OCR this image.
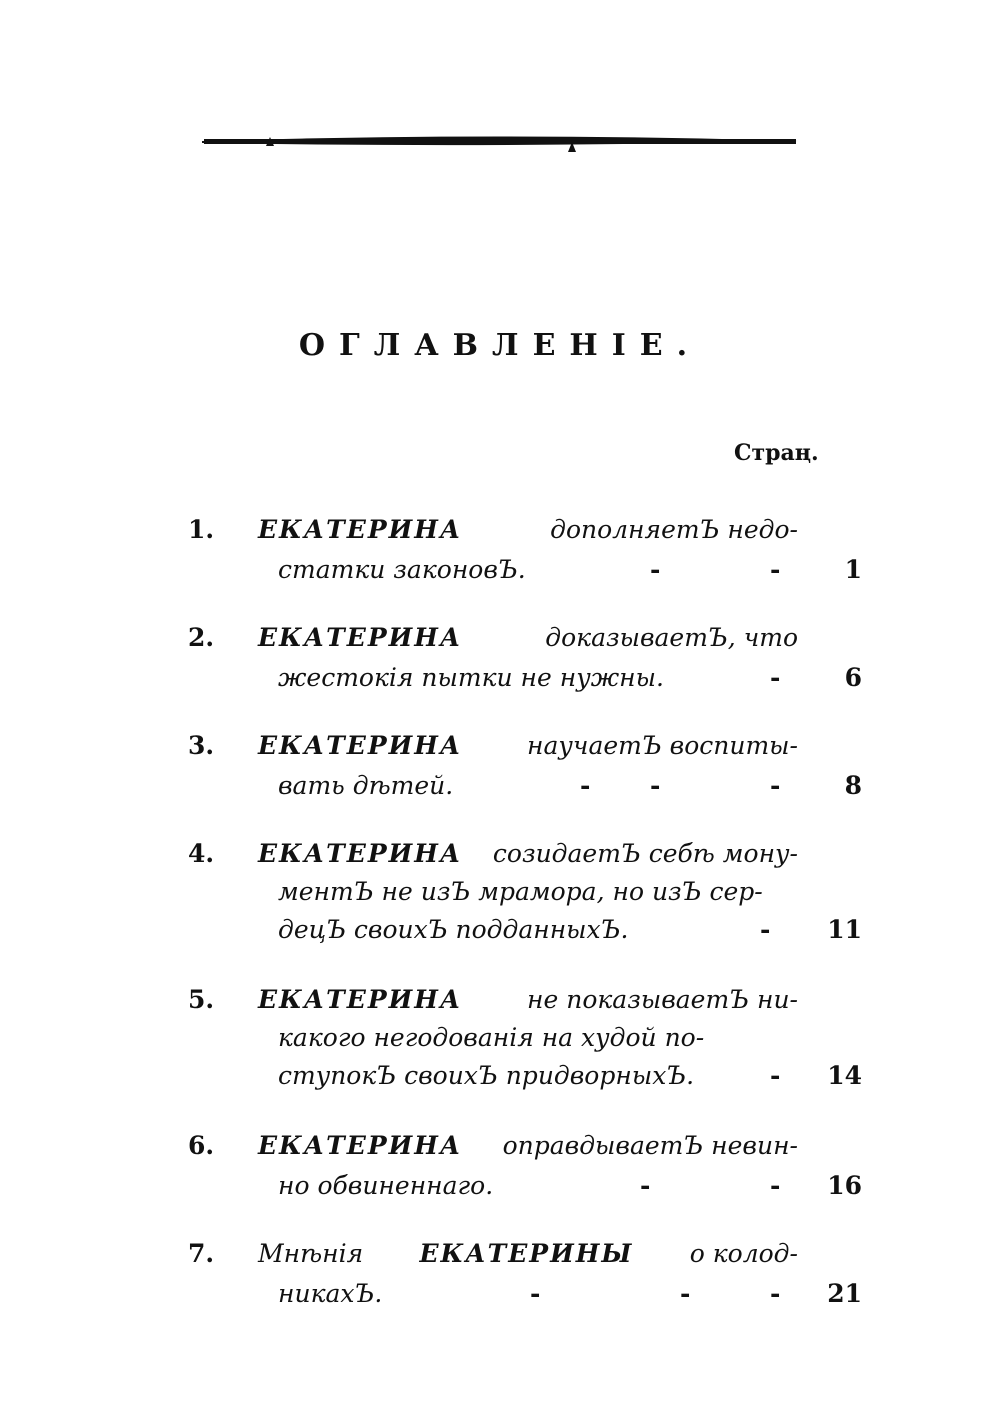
ОГЛАВЛЕНІЕ.
Страң.
1. ЕКАТЕРИНА	дополняетЪ недо-
статки законовЪ.	-	-	1
2. ЕКАТЕРИНА	доказываетЪ, что
жестокія пытки не нужны.	-	6
3. ЕКАТЕРИНА	научаетЪ воспиты-
вать дѣтей.	- -	-	8
4. ЕКАТЕРИНА созидаетЪ себѣ мону-
ментЪ не изЪ мрамора, но изЪ сер-
децЪ своихЪ подданныхЪ.	- 11
5. ЕКАТЕРИНА	не показываетЪ ни-
какого негодованія на худой по-
ступокЪ своихЪ придворныхЪ.	- 14
6. ЕКАТЕРИНА оправдываетЪ невин-
но обвиненнаго.	-	- 16
7. Мнѣнія ЕКАТЕРИНЫ о колод-
никахЪ.	-	-	- 21
